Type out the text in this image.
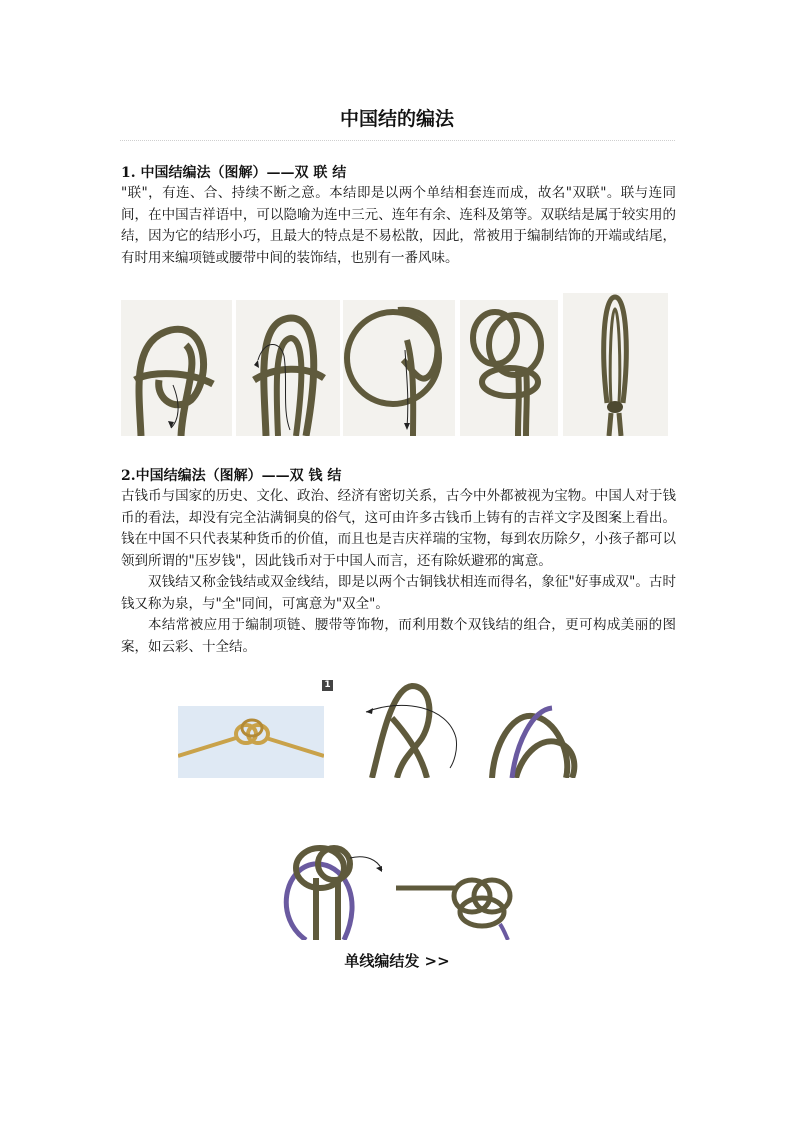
中国结的编法
1. 中国结编法（图解）——双 联 结
"联"，有连、合、持续不断之意。本结即是以两个单结相套连而成，故名"双联"。联与连同间，在中国吉祥语中，可以隐喻为连中三元、连年有余、连科及第等。双联结是属于较实用的结，因为它的结形小巧，且最大的特点是不易松散，因此，常被用于编制结饰的开端或结尾，有时用来编项链或腰带中间的装饰结，也别有一番风味。
2.中国结编法（图解）——双 钱 结

古钱币与国家的历史、文化、政治、经济有密切关系，古今中外都被视为宝物。中国人对于钱币的看法，却没有完全沾满铜臭的俗气，这可由许多古钱币上铸有的吉祥文字及图案上看出。钱在中国不只代表某种货币的价值，而且也是吉庆祥瑞的宝物，每到农历除夕，小孩子都可以领到所谓的"压岁钱"，因此钱币对于中国人而言，还有除妖避邪的寓意。

双钱结又称金钱结或双金线结，即是以两个古铜钱状相连而得名，象征"好事成双"。古时钱又称为泉，与"全"同间，可寓意为"双全"。

本结常被应用于编制项链、腰带等饰物，而利用数个双钱结的组合，更可构成美丽的图案，如云彩、十全结。

1
单线编结发 >>
